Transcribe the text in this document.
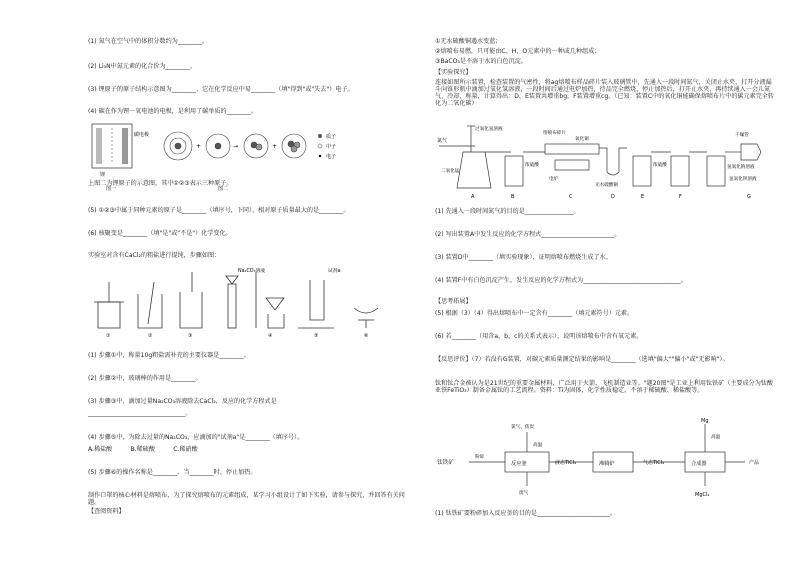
(1) 氮气在空气中的体积分数约为________。
(2) Li₃N中氮元素的化合价为________。
(3) 锂原子的原子结构示意图为________，它在化学反应中易________（填"得到"或"失去"）电子。
(4) 碳在作为锂一氧电池的电极，是利用了碳单质的________。
锂
碳电极
图一
+	→	+
图二
质子
中子
电子
上图二为锂原子的示意图，其中①②③表示三种原子。
(5) ①②③中属于同种元素的原子是________（填序号，下同），相对原子质量最大的是________。
(6) 核聚变是________（填"是"或"不是"）化学变化。
实验室对含有CaCl₂的粗盐进行提纯，步骤如图：
Na₂CO₃溶液	试剂a
①	②	③	④	⑤	⑥
(1) 步骤①中，称量10g粗盐需补充的主要仪器是________。
(2) 步骤②中，玻璃棒的作用是________。
(3) 步骤③中，滴加过量Na₂CO₃溶液除去CaCl₂，反应的化学方程式是
________________________________。
(4) 步骤⑤中，为除去过量的Na₂CO₃，应滴加的"试剂a"是________（填序号）。
A.稀盐酸　　　B.稀硫酸　　　C.稀硝酸
(5) 步骤⑥的操作名称是________，当________时，停止加热。
制作口罩的核心材料是熔喷布，为了探究熔喷布的元素组成，某学习小组设计了如下实验，请参与探究，并回答有关问题。
【查阅资料】
①无水硫酸铜遇水变蓝；
②熔喷布易燃，只可能由C、H、O元素中的一种或几种组成；
③BaCO₃是不溶于水的白色沉淀。
【实验探究】
连接如图所示装置，检查装置的气密性，将ag熔喷布样品碎片装入玻璃管中，先通入一段时间氮气，关闭止水夹，打开分液漏斗向锥形瓶中滴加过氧化氢溶液，一段时间后通过电炉加热，待品完全燃烧，停止加热后，打开止水夹，再持续通入一会儿氮气，冷却，称量，计算得出：D、E装置共增重bg，F装置增重cg。（已知：装置C中的氧化铜能确保熔喷布片中的碳元素完全转化为二氧化碳）
氮气
过氧化氢溶液
二氧化锰
浓硫酸
熔喷布碎片
氧化铜
电炉
无水硫酸铜
浓硫酸	氢氧化钠溶液
干燥管
氢氧化钡溶液
A	B	C	D	E	F	G
(1) 先通入一段时间氮气的目的是________________。
(2) 写出装置A中发生反应的化学方程式________________________。
(3) 装置D中________（填实验现象），证明熔喷布燃烧生成了水。
(4) 装置F中有白色沉淀产生，发生反应的化学方程式为________________________________。
【思考拓展】
(5) 根据（3）（4）得出熔喷布中一定含有________（填元素符号）元素。
(6) 若________（用含a、b、c的关系式表示），说明该熔喷布中含有氧元素。
【反思评价】（7）若没有G装置，对碳元素质量测定结果的影响是________（选填"偏大""偏小"或"无影响"）。
钛和钛合金被认为是21世纪的重要金属材料，广泛用于火箭、飞机制造业等。"题20图"是工业上利用钛铁矿（主要成分为钛酸亚铁FeTiO₃）制备金属钛的工艺流程。资料：Ti为固体，化学性质稳定，不溶于稀硫酸、稀盐酸等。
钛铁矿
粉碎
氯气、焦炭
高温
反应釜
废气
液态TiCl₄	沸腾炉	气态TiCl₄
Mg
高温
合成器	产品
MgCl₂
(1) 钛铁矿要粉碎加入反应釜的目的是________________________。
